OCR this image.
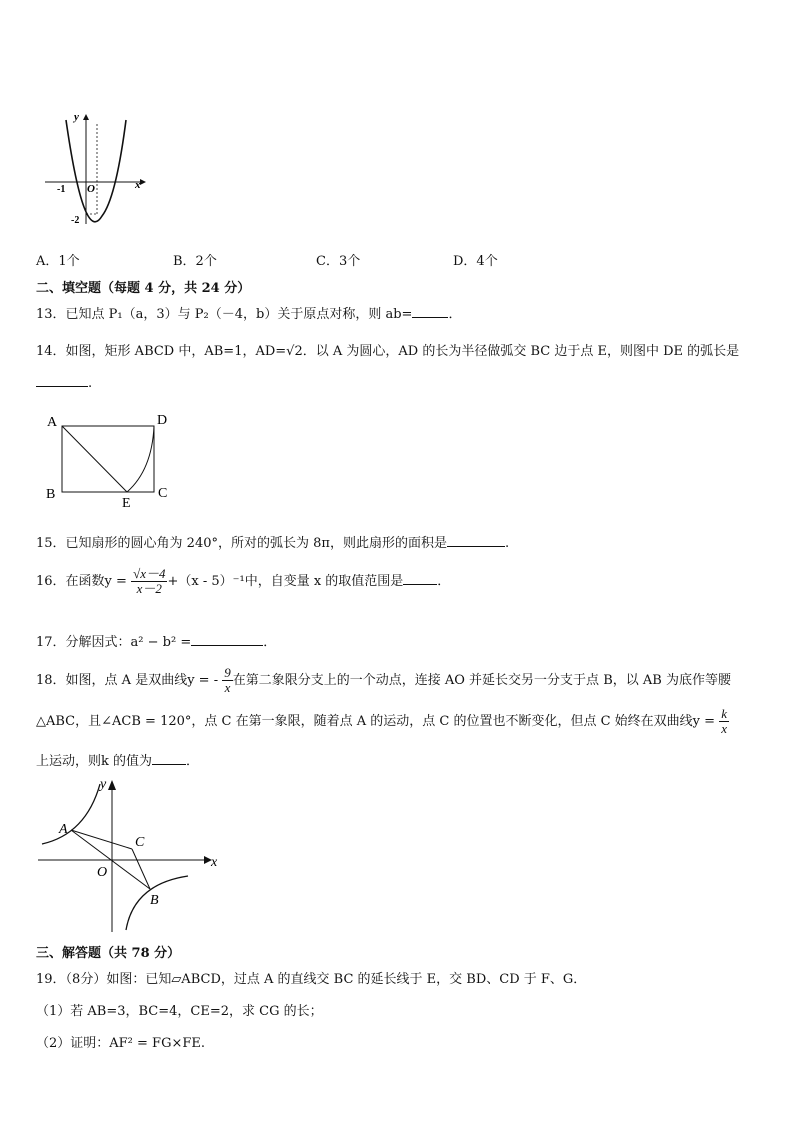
y
x
O
-1
-2
A．1个	B．2个	C．3个	D．4个
二、填空题（每题 4 分，共 24 分）
13．已知点 P₁（a，3）与 P₂（－4，b）关于原点对称，则 ab=	．
14．如图，矩形 ABCD 中，AB=1，AD=√2．以 A 为圆心，AD 的长为半径做弧交 BC 边于点 E，则图中 DE 的弧长是
.
A	D
B	C
E
15．已知扇形的圆心角为 240°，所对的弧长为 8π，则此扇形的面积是	.
16．在函数$y = \frac{√x-4}{x-2} +(x - 5)^{-1}$中，自变量 x 的取值范围是	．
17．分解因式：a² − b² =	．
18．如图，点 A 是双曲线y = - $\frac{9}{x}$ 在第二象限分支上的一个动点，连接 AO 并延长交另一分支于点 B，以 AB 为底作等腰
△ABC，且∠ACB = 120°，点 C 在第一象限，随着点 A 的运动，点 C 的位置也不断变化，但点 C 始终在双曲线$y = \frac{k}{x}$
上运动，则k 的值为	．
y
x
O
A
C
B
三、解答题（共 78 分）
19．（8分）如图：已知▱ABCD，过点 A 的直线交 BC 的延长线于 E，交 BD、CD 于 F、G．
（1）若 AB=3，BC=4，CE=2，求 CG 的长；
（2）证明：AF² = FG×FE.
